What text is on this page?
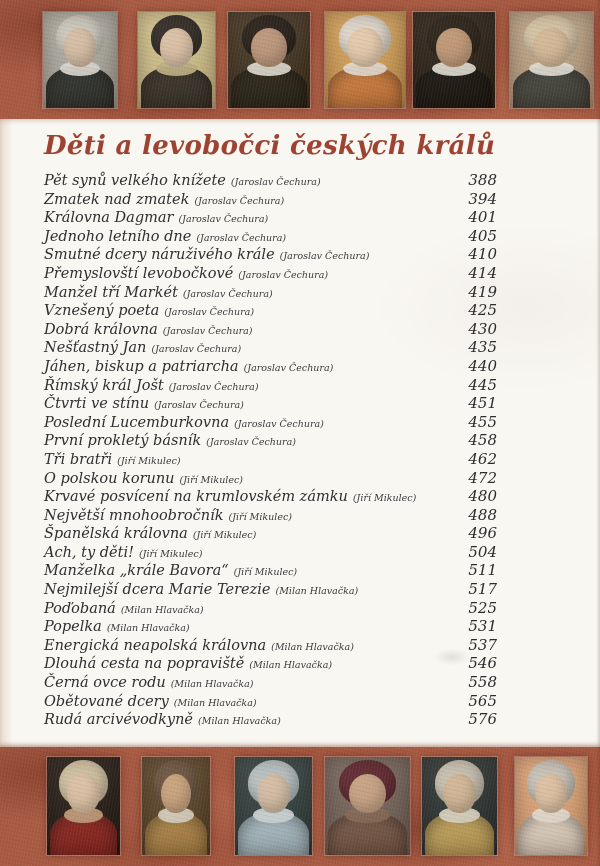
Děti a levobočci českých králů
Pět synů velkého knížete (Jaroslav Čechura)	388
Zmatek nad zmatek (Jaroslav Čechura)	394
Královna Dagmar (Jaroslav Čechura)	401
Jednoho letního dne (Jaroslav Čechura)	405
Smutné dcery náruživého krále (Jaroslav Čechura)	410
Přemyslovští levobočkové (Jaroslav Čechura)	414
Manžel tří Markét (Jaroslav Čechura)	419
Vznešený poeta (Jaroslav Čechura)	425
Dobrá královna (Jaroslav Čechura)	430
Nešťastný Jan (Jaroslav Čechura)	435
Jáhen, biskup a patriarcha (Jaroslav Čechura)	440
Římský král Jošt (Jaroslav Čechura)	445
Čtvrti ve stínu (Jaroslav Čechura)	451
Poslední Lucemburkovna (Jaroslav Čechura)	455
První prokletý básník (Jaroslav Čechura)	458
Tři bratři (Jiří Mikulec)	462
O polskou korunu (Jiří Mikulec)	472
Krvavé posvícení na krumlovském zámku (Jiří Mikulec)	480
Největší mnohoobročník (Jiří Mikulec)	488
Španělská královna (Jiří Mikulec)	496
Ach, ty děti! (Jiří Mikulec)	504
Manželka „krále Bavora“ (Jiří Mikulec)	511
Nejmilejší dcera Marie Terezie (Milan Hlavačka)	517
Poďobaná (Milan Hlavačka)	525
Popelka (Milan Hlavačka)	531
Energická neapolská královna (Milan Hlavačka)	537
Dlouhá cesta na popraviště (Milan Hlavačka)	546
Černá ovce rodu (Milan Hlavačka)	558
Obětované dcery (Milan Hlavačka)	565
Rudá arcivévodkyně (Milan Hlavačka)	576
